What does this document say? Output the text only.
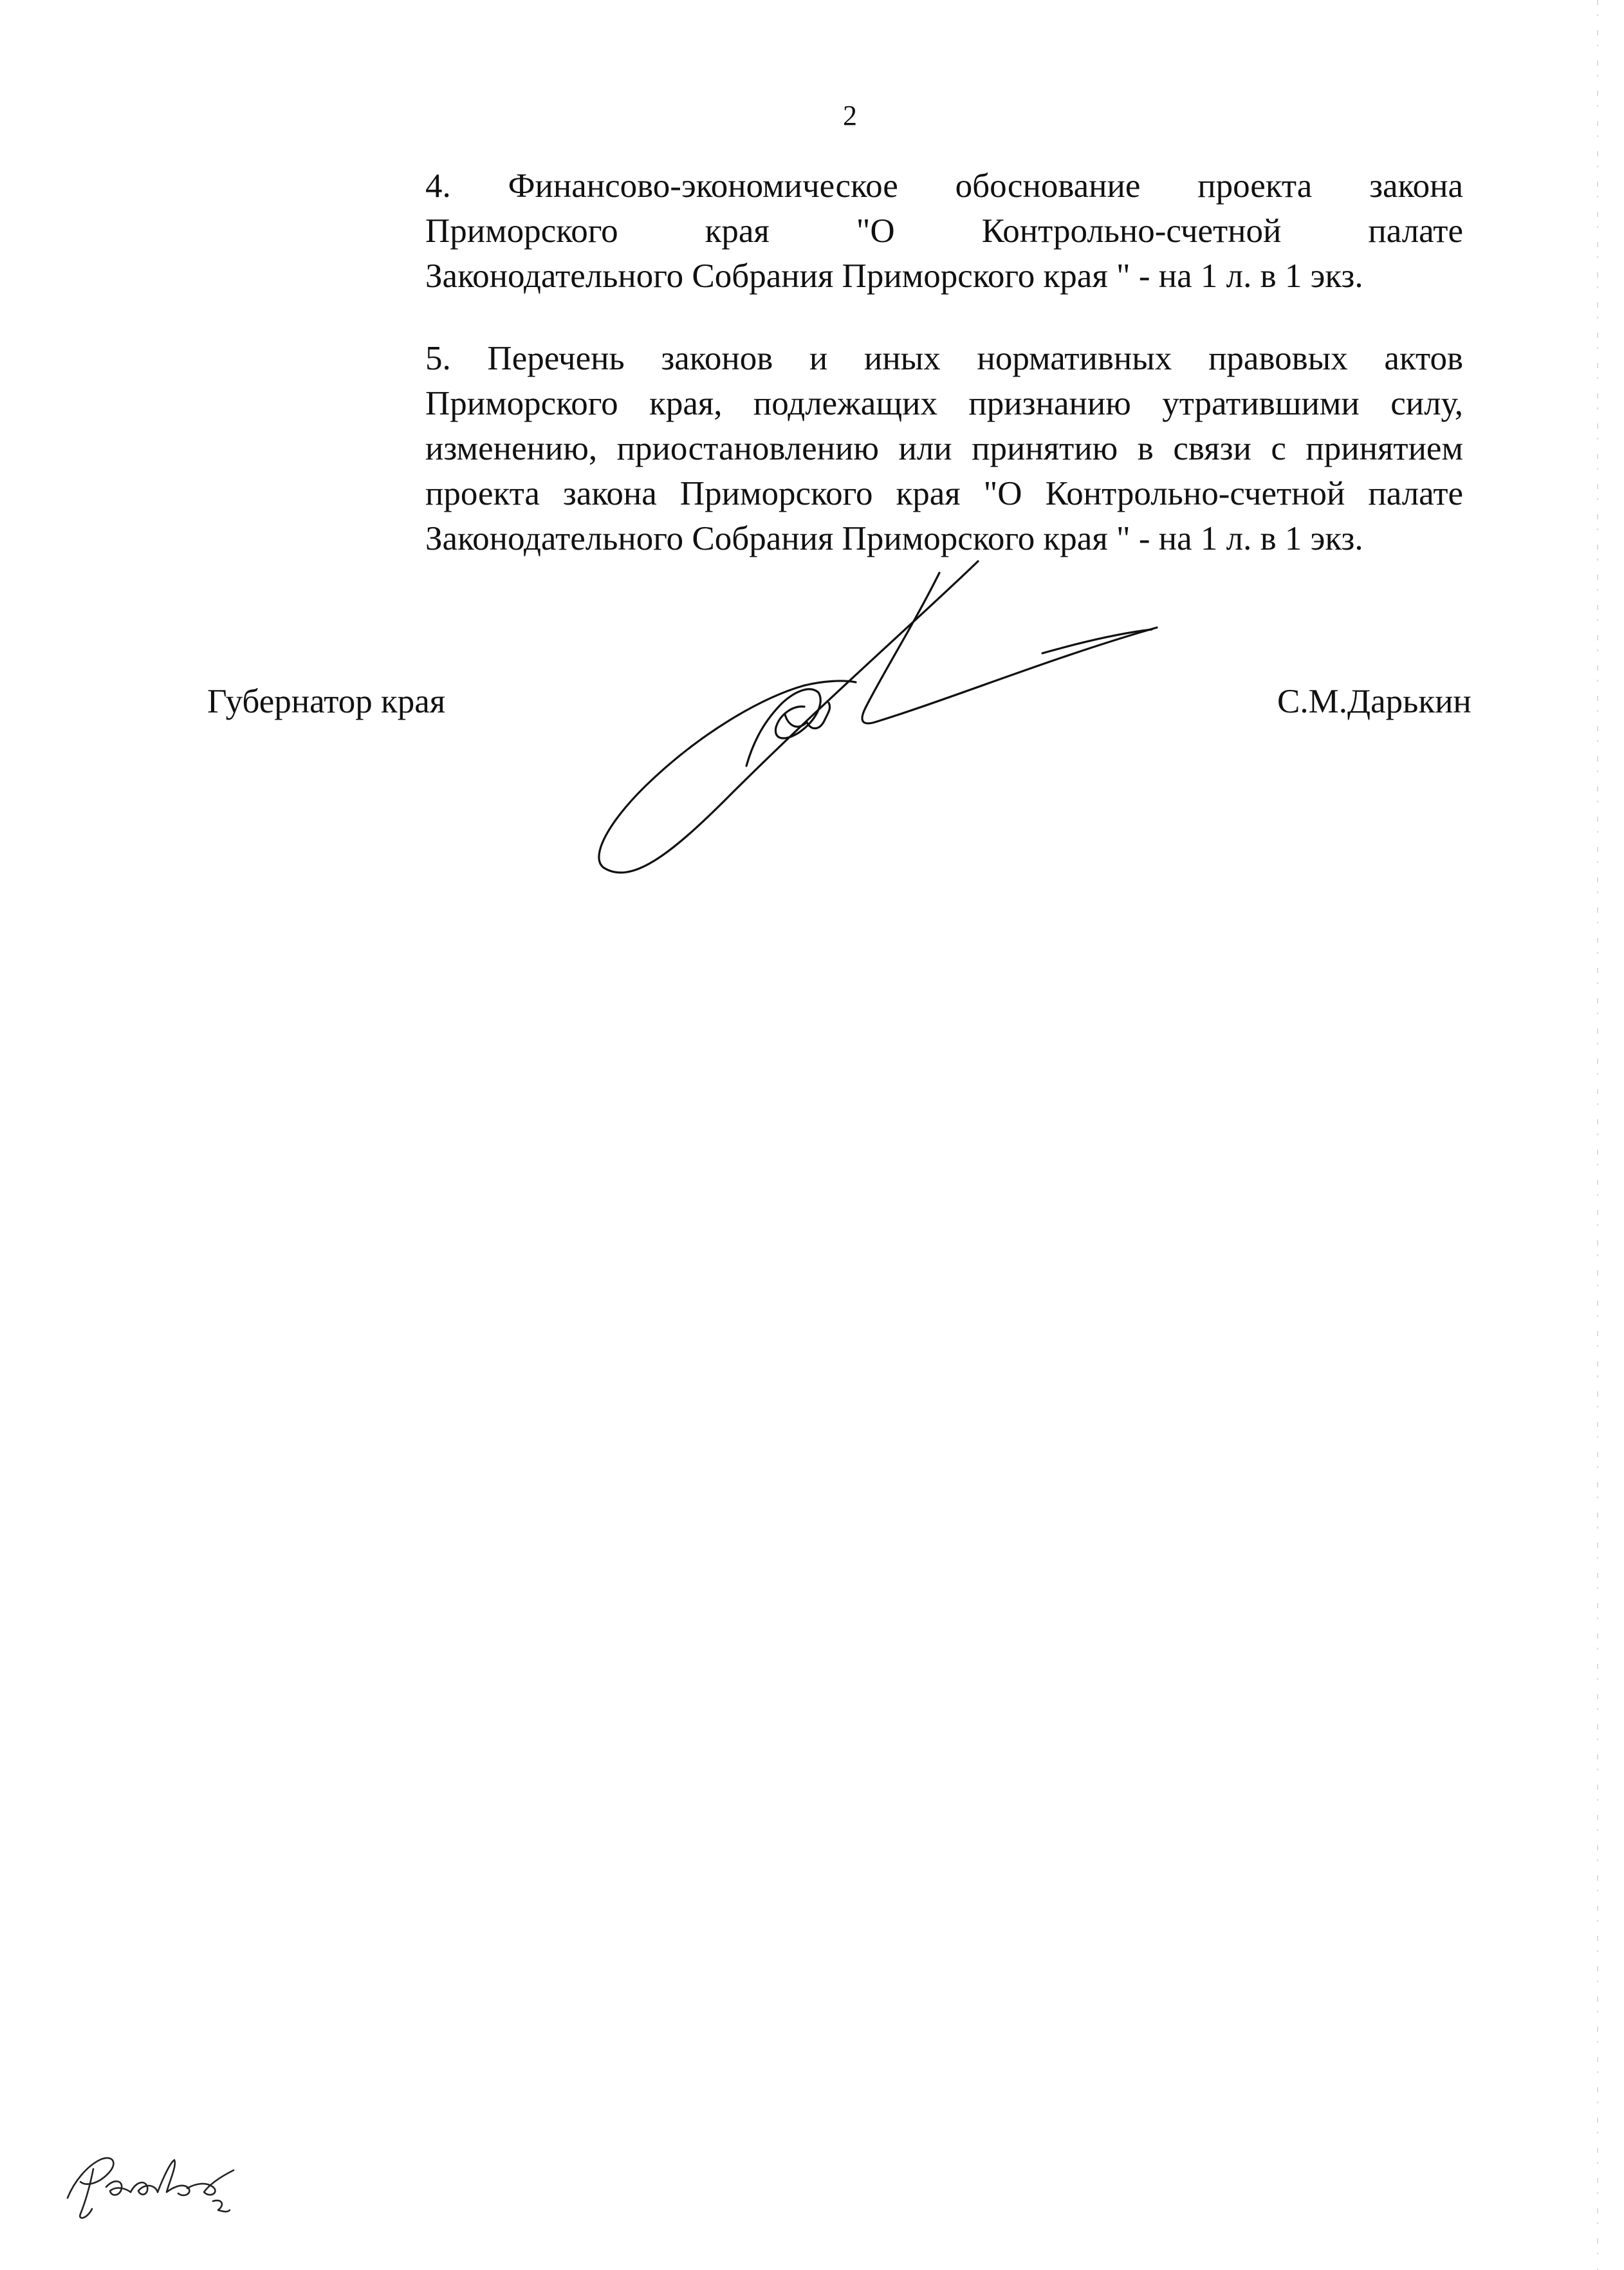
2
4. Финансово-экономическое обоснование проекта закона
Приморского края "О Контрольно-счетной палате
Законодательного Собрания Приморского края " - на 1 л. в 1 экз.
5. Перечень законов и иных нормативных правовых актов
Приморского края, подлежащих признанию утратившими силу,
изменению, приостановлению или принятию в связи с принятием
проекта закона Приморского края "О Контрольно-счетной палате
Законодательного Собрания Приморского края " - на 1 л. в 1 экз.
Губернатор края	С.М.Дарькин
